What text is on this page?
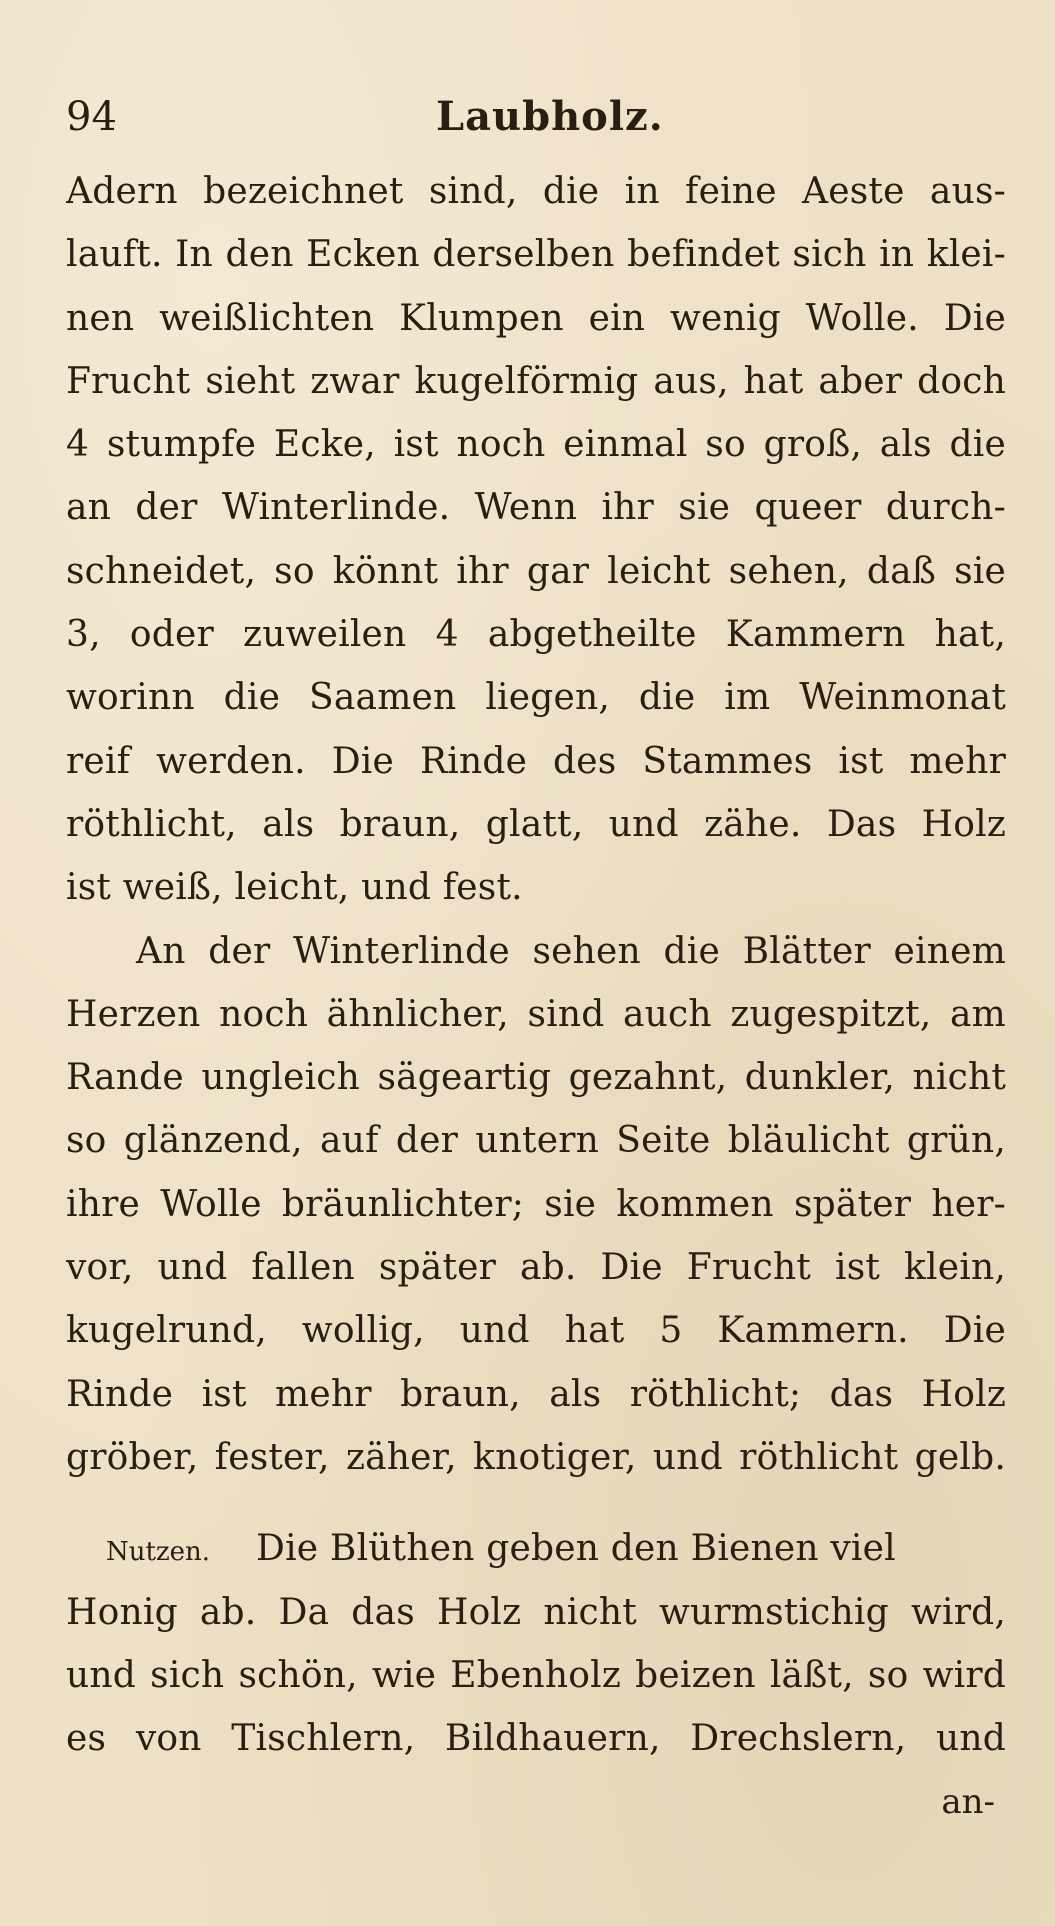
94	Laubholz.
Adern bezeichnet sind, die in feine Aeste aus-
lauft. In den Ecken derselben befindet sich in klei-
nen weißlichten Klumpen ein wenig Wolle. Die
Frucht sieht zwar kugelförmig aus, hat aber doch
4 stumpfe Ecke, ist noch einmal so groß, als die
an der Winterlinde. Wenn ihr sie queer durch-
schneidet, so könnt ihr gar leicht sehen, daß sie
3, oder zuweilen 4 abgetheilte Kammern hat,
worinn die Saamen liegen, die im Weinmonat
reif werden. Die Rinde des Stammes ist mehr
röthlicht, als braun, glatt, und zähe. Das Holz
ist weiß, leicht, und fest.
An der Winterlinde sehen die Blätter einem
Herzen noch ähnlicher, sind auch zugespitzt, am
Rande ungleich sägeartig gezahnt, dunkler, nicht
so glänzend, auf der untern Seite bläulicht grün,
ihre Wolle bräunlichter; sie kommen später her-
vor, und fallen später ab. Die Frucht ist klein,
kugelrund, wollig, und hat 5 Kammern. Die
Rinde ist mehr braun, als röthlicht; das Holz
gröber, fester, zäher, knotiger, und röthlicht gelb.
Nutzen. Die Blüthen geben den Bienen viel
Honig ab. Da das Holz nicht wurmstichig wird,
und sich schön, wie Ebenholz beizen läßt, so wird
es von Tischlern, Bildhauern, Drechslern, und
an-
